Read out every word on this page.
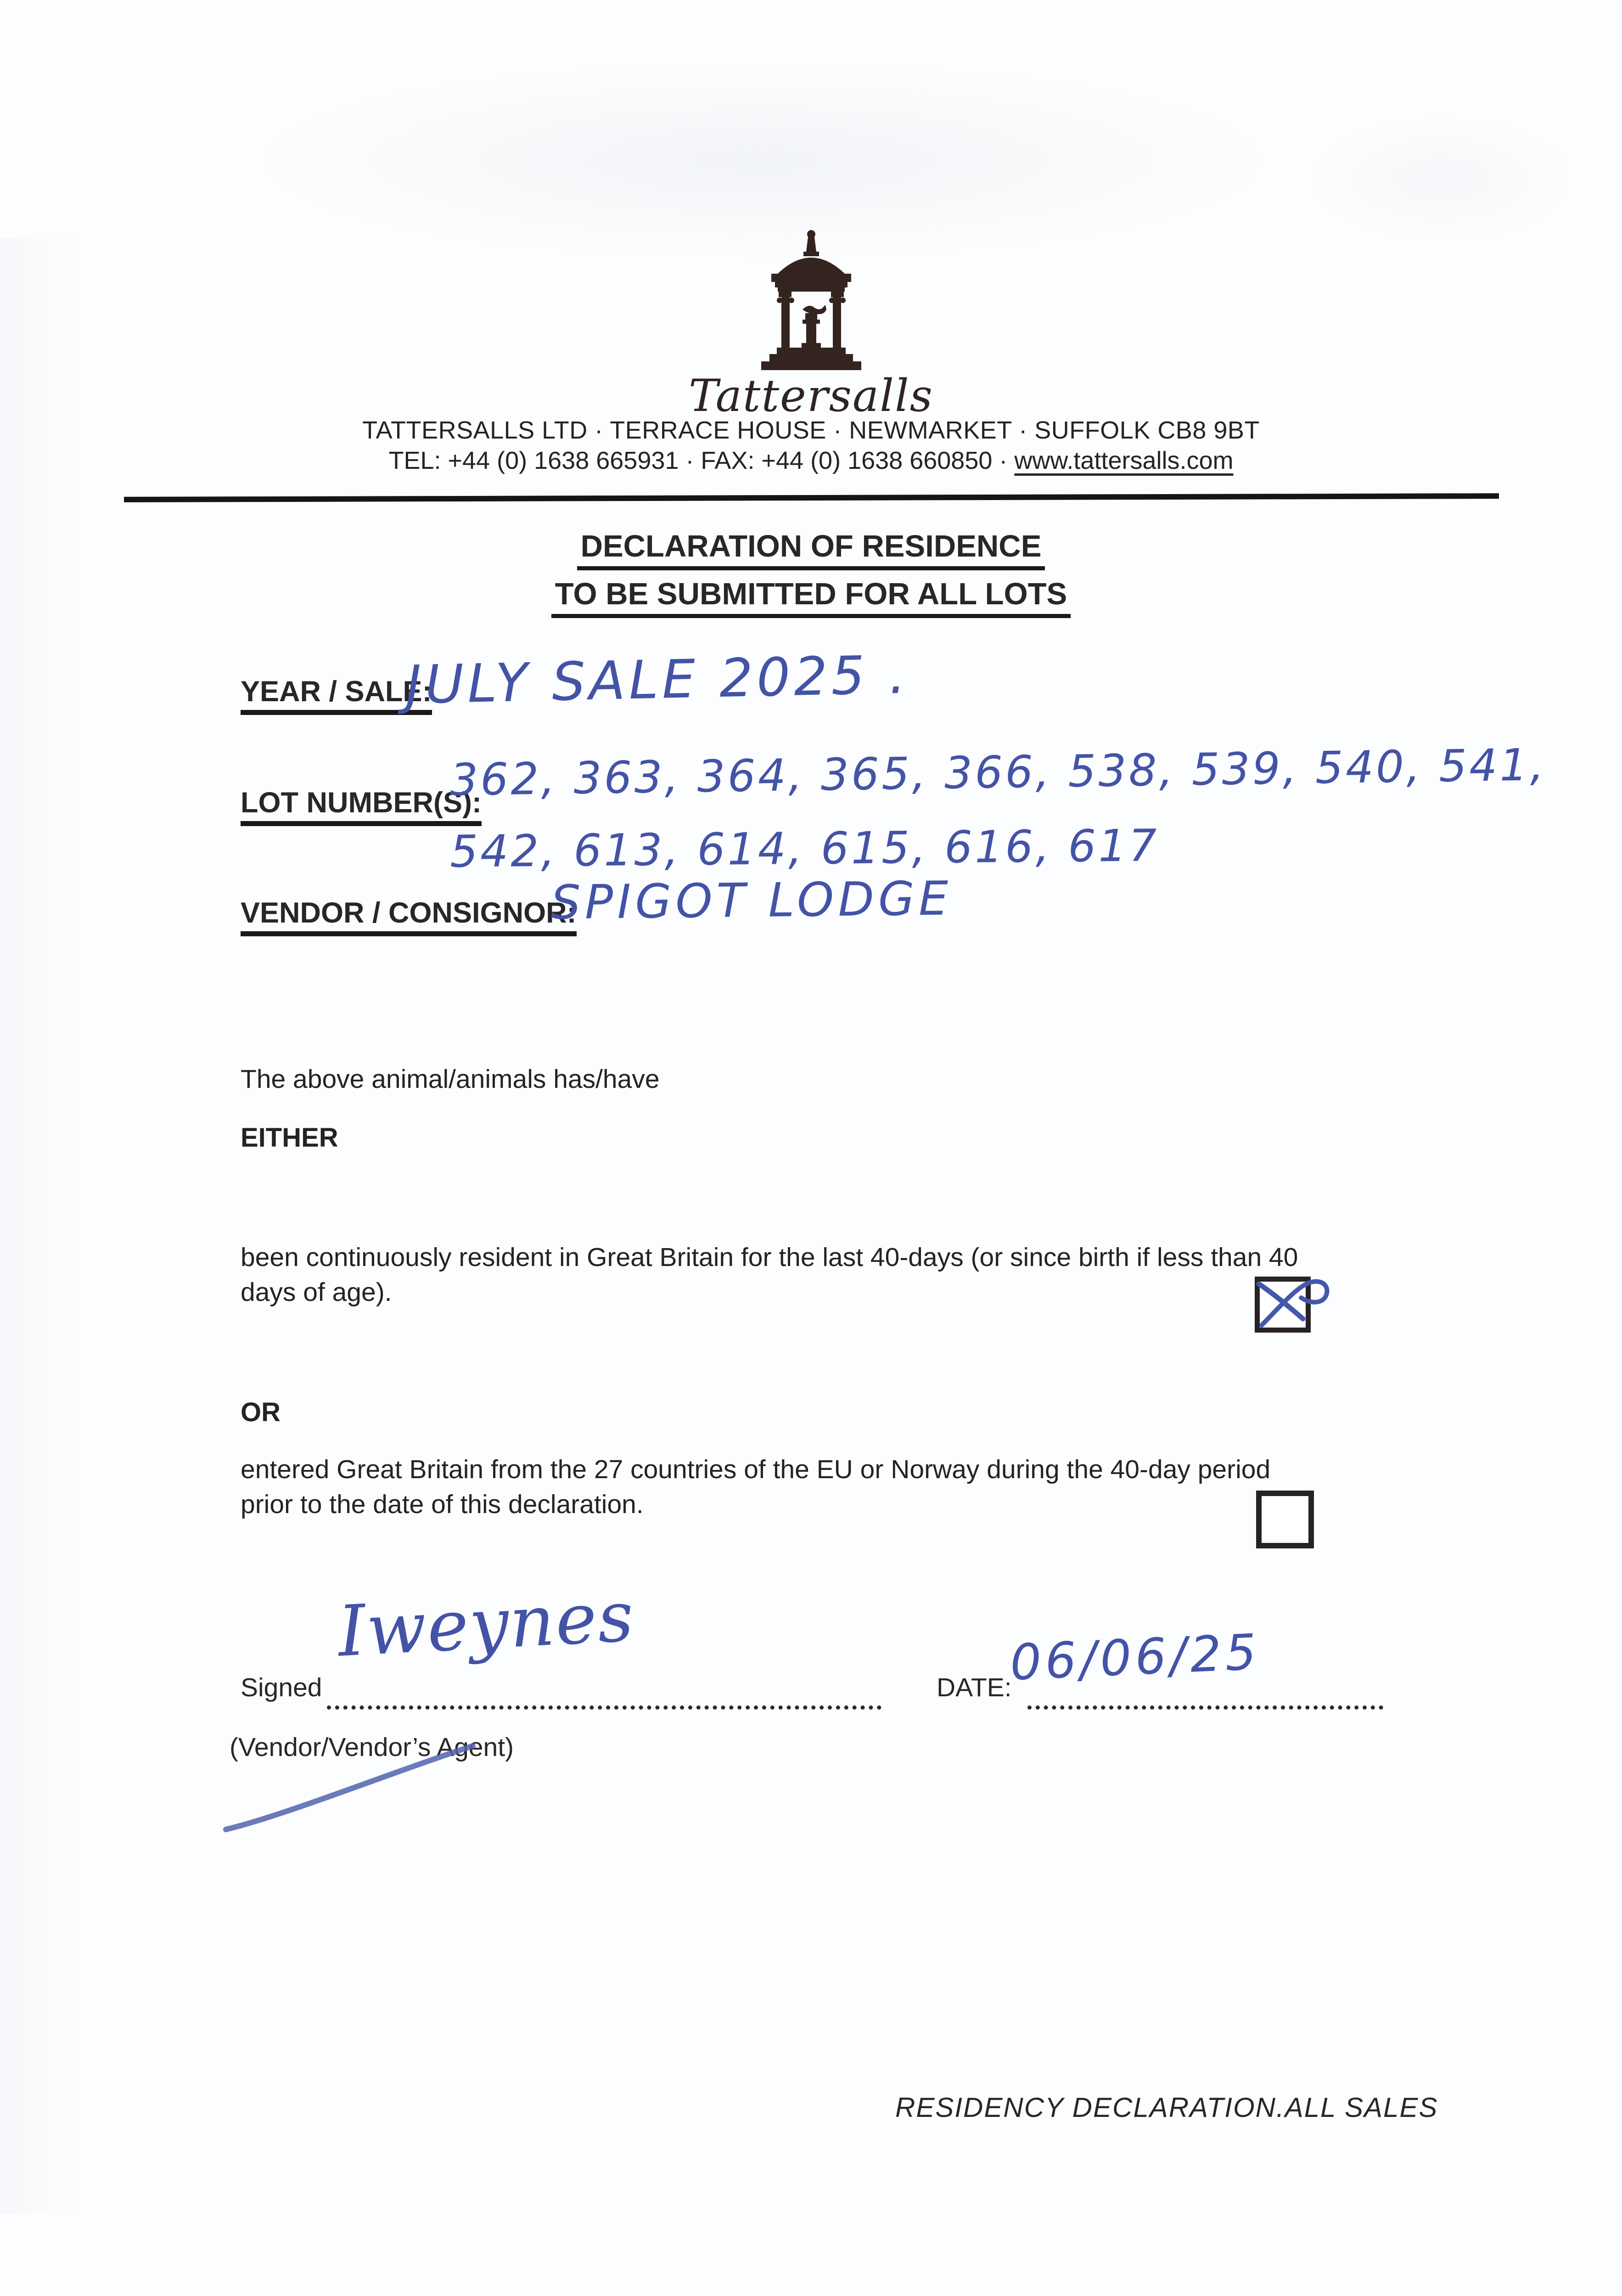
Tattersalls
TATTERSALLS LTD · TERRACE HOUSE · NEWMARKET · SUFFOLK CB8 9BT
TEL: +44 (0) 1638 665931 · FAX: +44 (0) 1638 660850 · www.tattersalls.com
DECLARATION OF RESIDENCE
TO BE SUBMITTED FOR ALL LOTS
YEAR / SALE:
JULY SALE 2025 .
LOT NUMBER(S):
362, 363, 364, 365, 366, 538, 539, 540, 541,
542, 613, 614, 615, 616, 617
VENDOR / CONSIGNOR:
SPIGOT LODGE
The above animal/animals has/have
EITHER
been continuously resident in Great Britain for the last 40-days (or since birth if less than 40
days of age).
OR
entered Great Britain from the 27 countries of the EU or Norway during the 40-day period
prior to the date of this declaration.
Signed
Iweynes
DATE:
06/06/25
(Vendor/Vendor’s Agent)
RESIDENCY DECLARATION.ALL SALES
